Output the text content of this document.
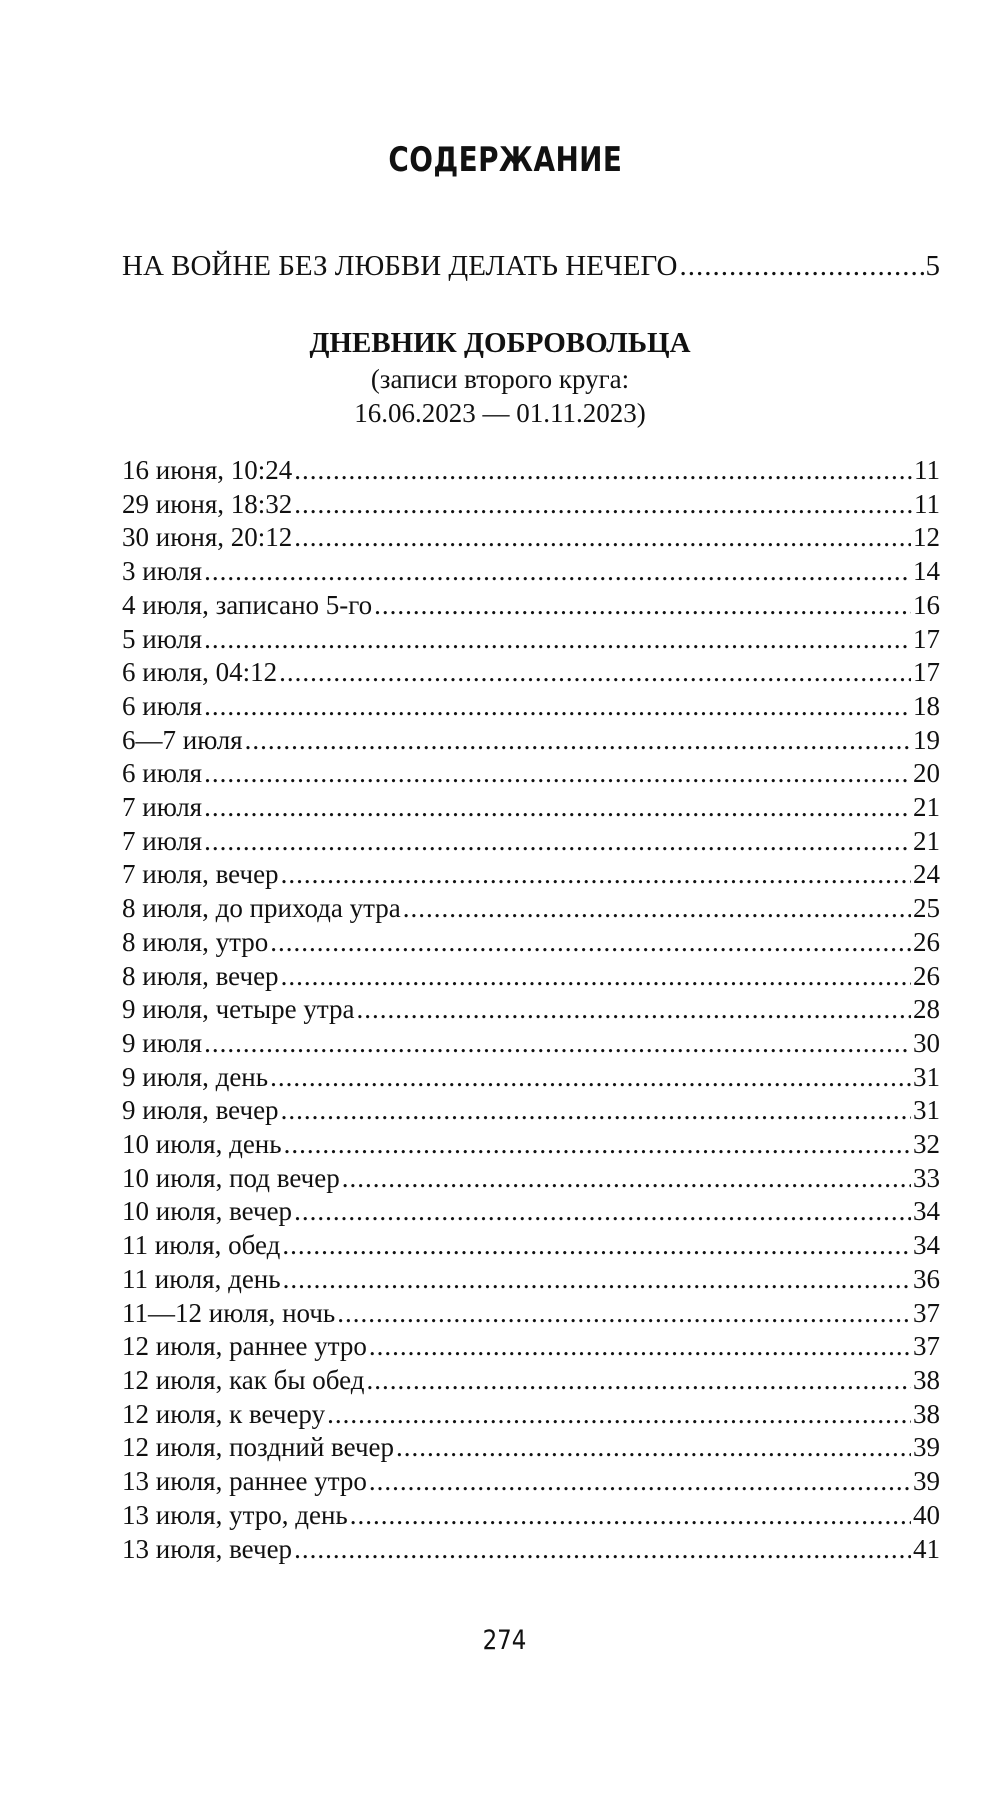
СОДЕРЖАНИЕ
НА ВОЙНЕ БЕЗ ЛЮБВИ ДЕЛАТЬ НЕЧЕГО .....	5
ДНЕВНИК ДОБРОВОЛЬЦА

(записи второго круга:
16.06.2023 — 01.11.2023)

16 июня, 10:24 .....	11
29 июня, 18:32 .....	11
30 июня, 20:12 .....	12
3 июля .....	14
4 июля, записано 5-го .....	16
5 июля .....	17
6 июля, 04:12 .....	17
6 июля .....	18
6—7 июля .....	19
6 июля .....	20
7 июля .....	21
7 июля .....	21
7 июля, вечер .....	24
8 июля, до прихода утра .....	25
8 июля, утро .....	26
8 июля, вечер .....	26
9 июля, четыре утра .....	28
9 июля .....	30
9 июля, день .....	31
9 июля, вечер .....	31
10 июля, день .....	32
10 июля, под вечер .....	33
10 июля, вечер .....	34
11 июля, обед .....	34
11 июля, день .....	36
11—12 июля, ночь .....	37
12 июля, раннее утро .....	37
12 июля, как бы обед .....	38
12 июля, к вечеру .....	38
12 июля, поздний вечер .....	39
13 июля, раннее утро .....	39
13 июля, утро, день .....	40
13 июля, вечер .....	41
274
